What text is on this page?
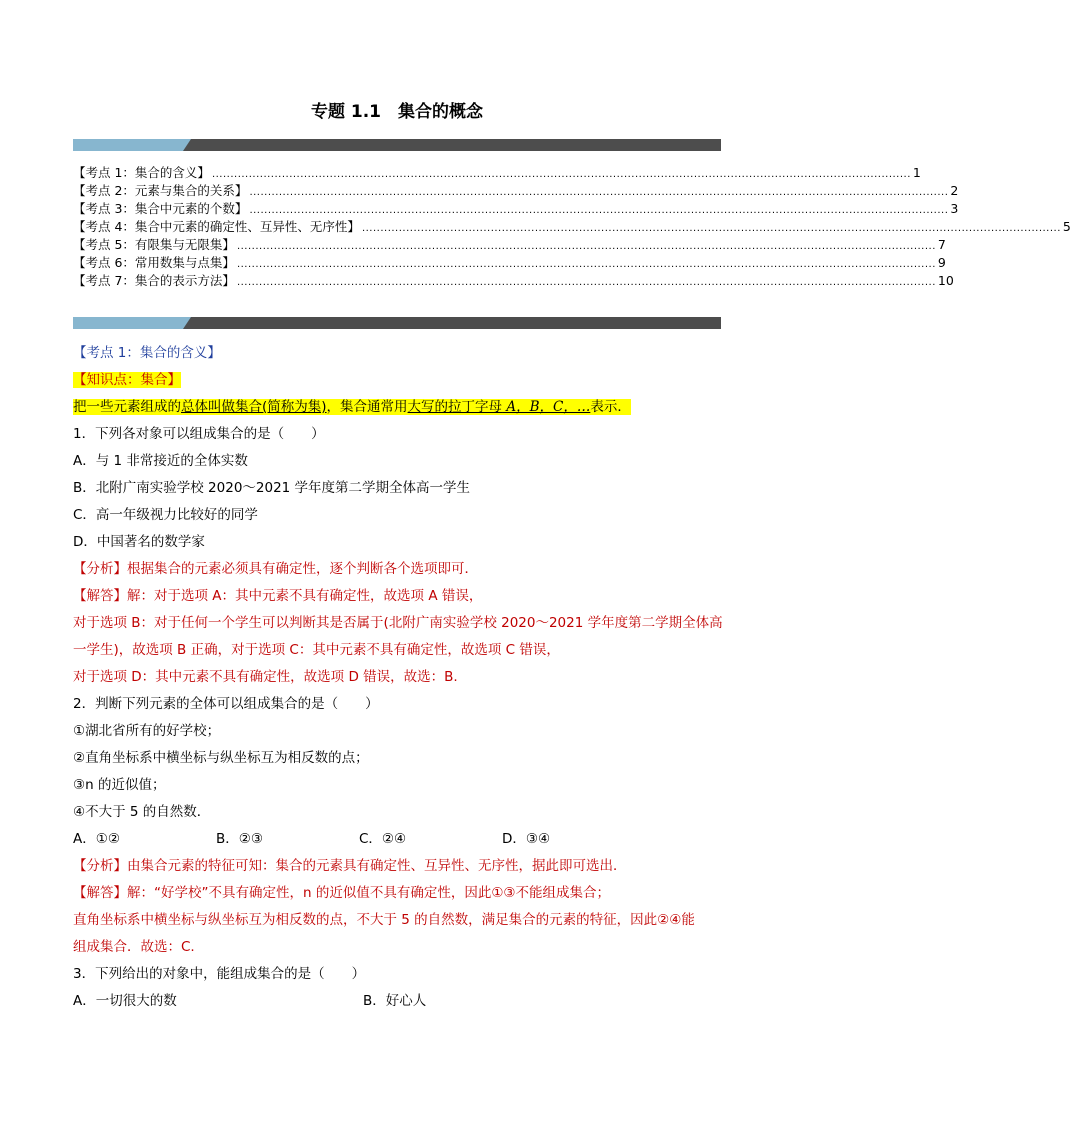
专题 1.1　集合的概念
【考点 1：集合的含义】 .............................................................................................................................................................................................. 1
【考点 2：元素与集合的关系】 .............................................................................................................................................................................................. 2
【考点 3：集合中元素的个数】 .............................................................................................................................................................................................. 3
【考点 4：集合中元素的确定性、互异性、无序性】 .............................................................................................................................................................................................. 5
【考点 5：有限集与无限集】 .............................................................................................................................................................................................. 7
【考点 6：常用数集与点集】 .............................................................................................................................................................................................. 9
【考点 7：集合的表示方法】 .............................................................................................................................................................................................. 10
【考点 1：集合的含义】
【知识点：集合】
把一些元素组成的总体叫做集合(简称为集)，集合通常用大写的拉丁字母 A，B，C，…表示．
1．下列各对象可以组成集合的是（　　）
A．与 1 非常接近的全体实数
B．北附广南实验学校 2020～2021 学年度第二学期全体高一学生
C．高一年级视力比较好的同学
D．中国著名的数学家
【分析】根据集合的元素必须具有确定性，逐个判断各个选项即可．
【解答】解：对于选项 A：其中元素不具有确定性，故选项 A 错误，
对于选项 B：对于任何一个学生可以判断其是否属于(北附广南实验学校 2020～2021 学年度第二学期全体高
一学生)，故选项 B 正确，对于选项 C：其中元素不具有确定性，故选项 C 错误，
对于选项 D：其中元素不具有确定性，故选项 D 错误，故选：B.
2．判断下列元素的全体可以组成集合的是（　　）
①湖北省所有的好学校；
②直角坐标系中横坐标与纵坐标互为相反数的点；
③n 的近似值；
④不大于 5 的自然数．
A．①②	B．②③	C．②④	D．③④
【分析】由集合元素的特征可知：集合的元素具有确定性、互异性、无序性，据此即可选出．
【解答】解：“好学校”不具有确定性，n 的近似值不具有确定性，因此①③不能组成集合；
直角坐标系中横坐标与纵坐标互为相反数的点，不大于 5 的自然数，满足集合的元素的特征，因此②④能
组成集合．故选：C.
3．下列给出的对象中，能组成集合的是（　　）
A．一切很大的数	B．好心人
